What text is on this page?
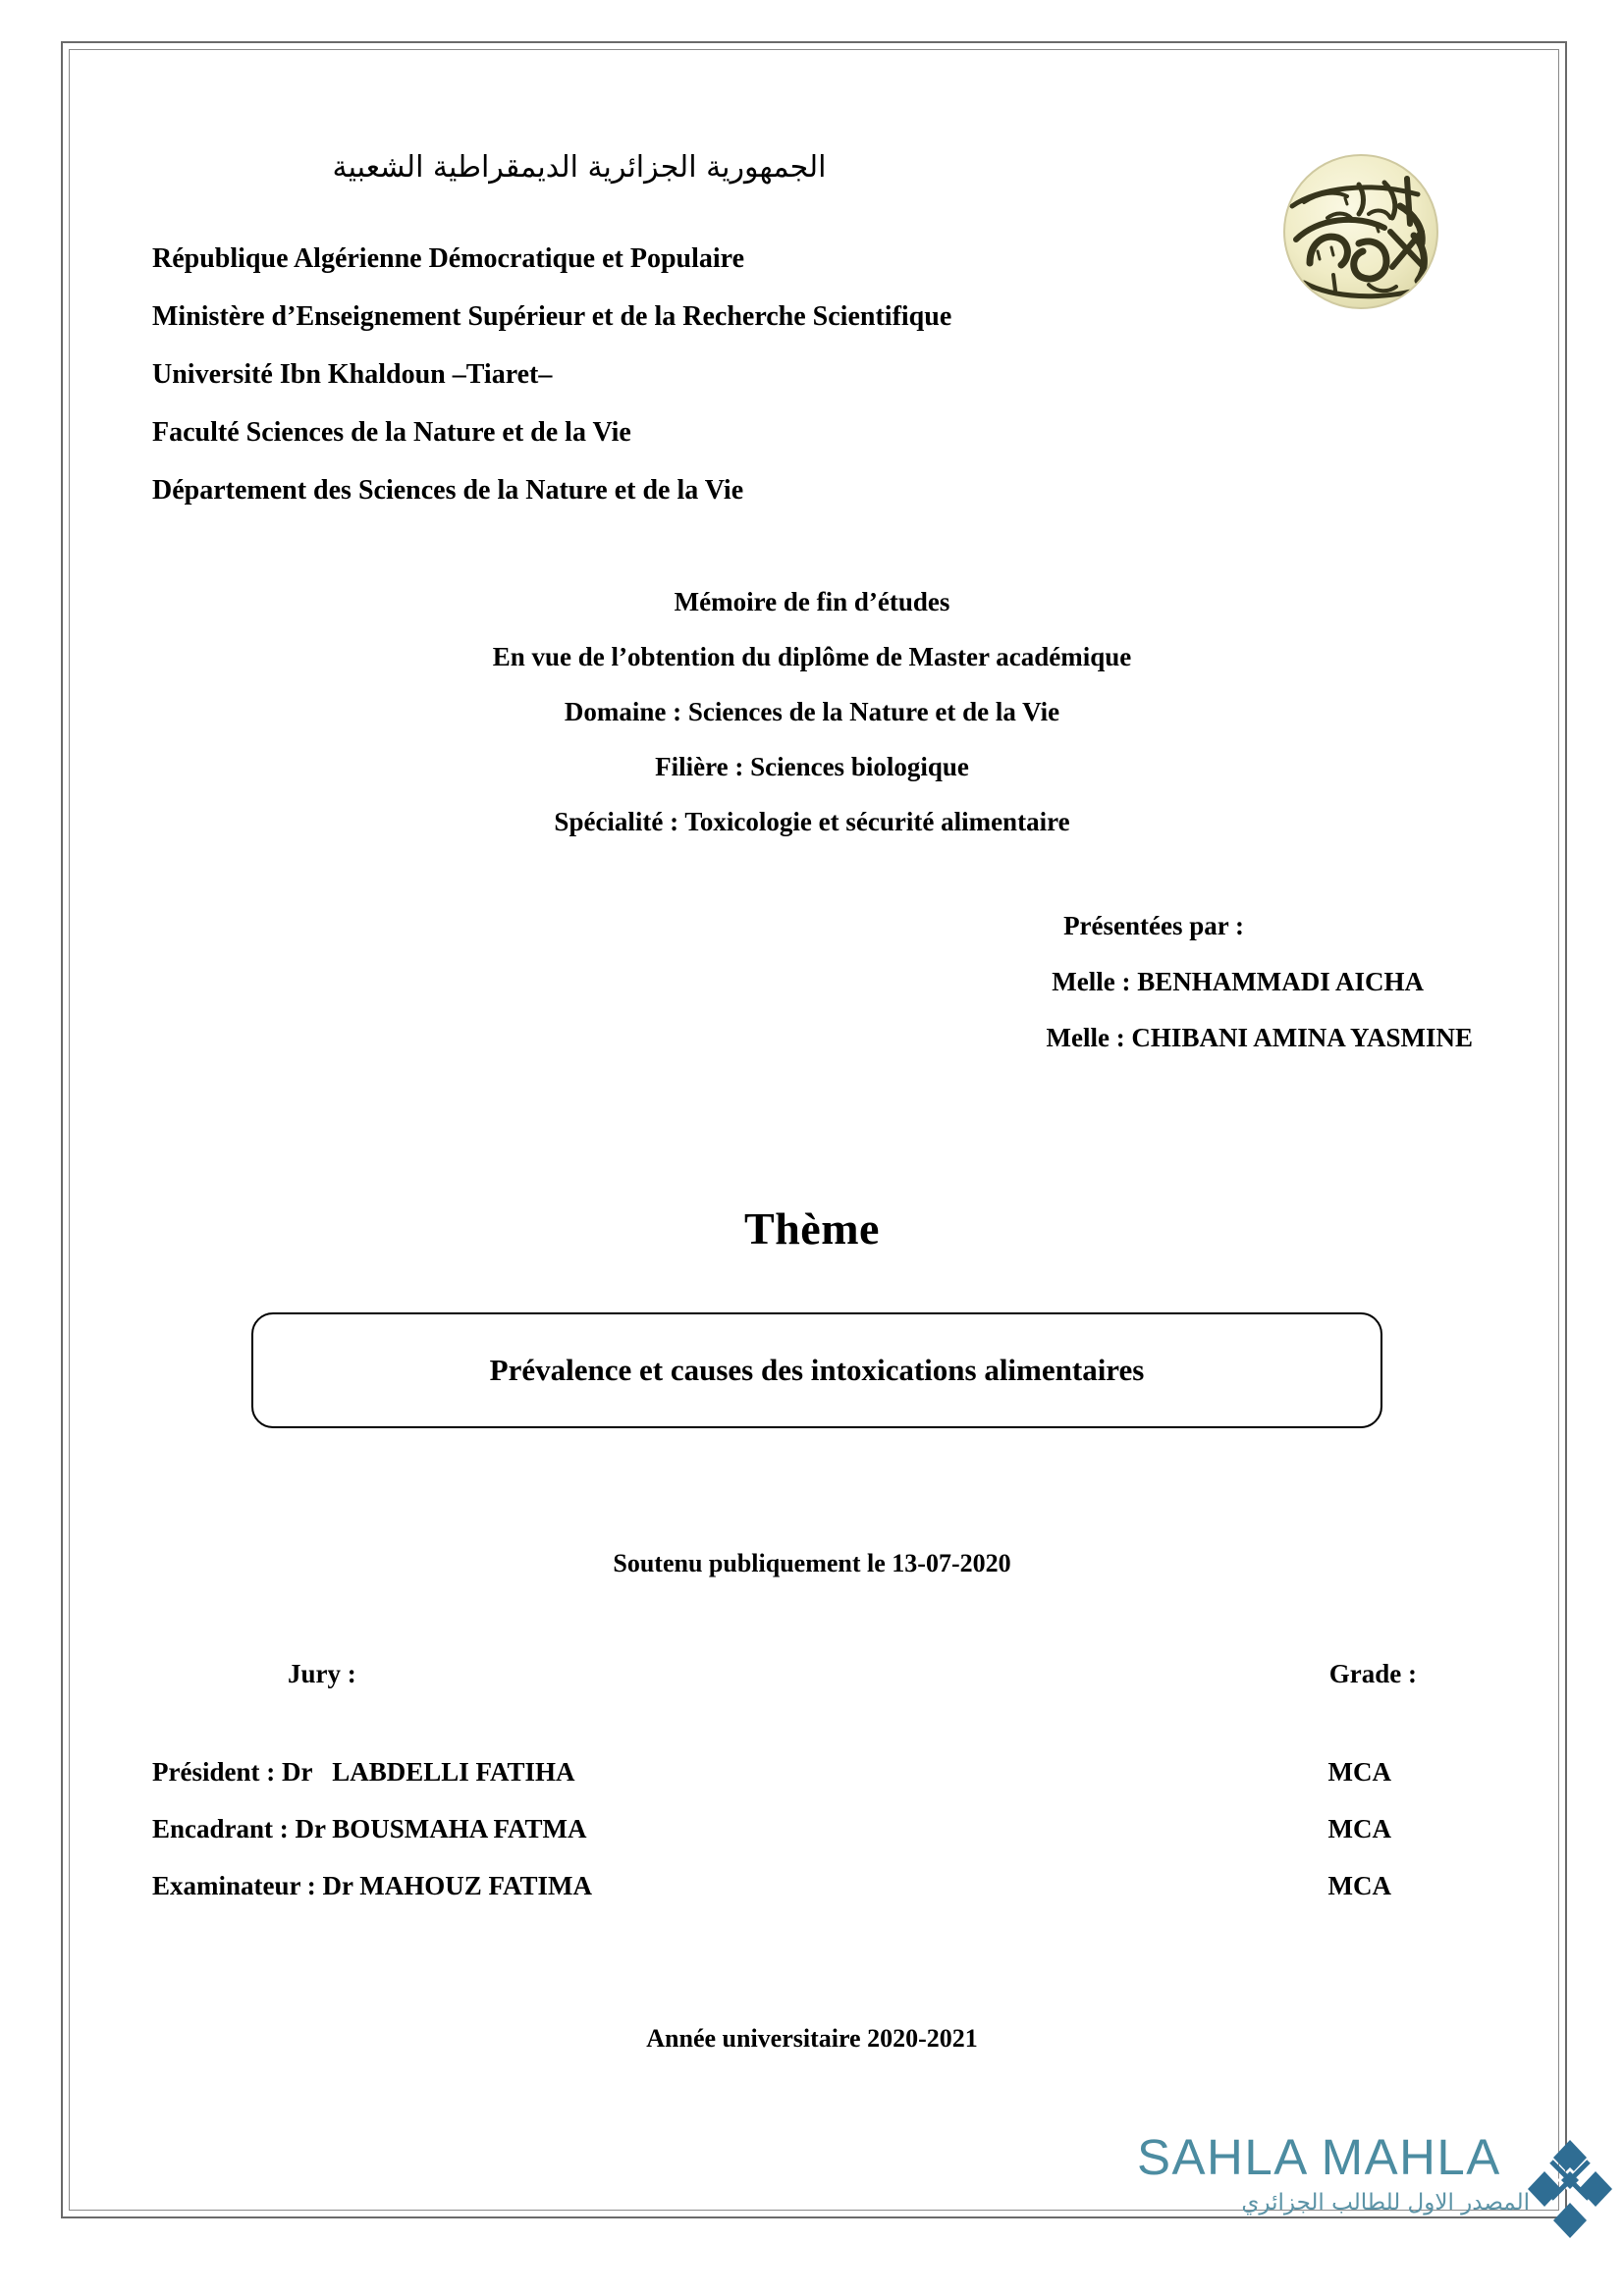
الجمهورية الجزائرية الديمقراطية الشعبية
République Algérienne Démocratique et Populaire
Ministère d’Enseignement Supérieur et de la Recherche Scientifique
Université Ibn Khaldoun –Tiaret–
Faculté Sciences de la Nature et de la Vie
Département des Sciences de la Nature et de la Vie
Mémoire de fin d’études
En vue de l’obtention du diplôme de Master académique
Domaine : Sciences de la Nature et de la Vie
Filière : Sciences biologique
Spécialité : Toxicologie et sécurité alimentaire
Présentées par :
Melle : BENHAMMADI AICHA
Melle : CHIBANI AMINA YASMINE
Thème
Prévalence et causes des intoxications alimentaires
Soutenu publiquement le 13-07-2020
Jury :	Grade :
Président : Dr   LABDELLI FATIHA	MCA
Encadrant : Dr BOUSMAHA FATMA	MCA
Examinateur : Dr MAHOUZ FATIMA	MCA
Année universitaire 2020-2021
SAHLA MAHLA
المصدر الاول للطالب الجزائري
